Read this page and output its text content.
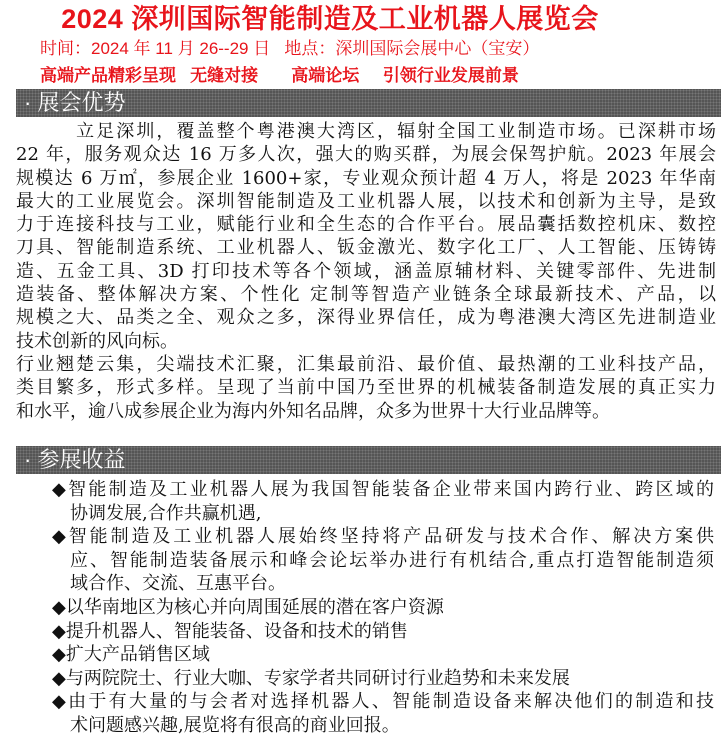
2024 深圳国际智能制造及工业机器人展览会
时间：2024 年 11 月 26--29 日   地点：深圳国际会展中心（宝安）
高端产品精彩呈现   无缝对接       高端论坛     引领行业发展前景
· 展会优势
　　　立足深圳，覆盖整个粤港澳大湾区，辐射全国工业制造市场。已深耕市场
22 年，服务观众达 16 万多人次，强大的购买群，为展会保驾护航。2023 年展会
规模达 6 万㎡，参展企业 1600+家，专业观众预计超 4 万人，将是 2023 年华南
最大的工业展览会。深圳智能制造及工业机器人展，以技术和创新为主导，是致
力于连接科技与工业，赋能行业和全生态的合作平台。展品囊括数控机床、数控
刀具、智能制造系统、工业机器人、钣金激光、数字化工厂、人工智能、压铸铸
造、五金工具、3D 打印技术等各个领域，涵盖原辅材料、关键零部件、先进制
造装备、整体解决方案、个性化 定制等智造产业链条全球最新技术、产品，以
规模之大、品类之全、观众之多，深得业界信任，成为粤港澳大湾区先进制造业
技术创新的风向标。
行业翘楚云集，尖端技术汇聚，汇集最前沿、最价值、最热潮的工业科技产品，
类目繁多，形式多样。呈现了当前中国乃至世界的机械装备制造发展的真正实力
和水平，逾八成参展企业为海内外知名品牌，众多为世界十大行业品牌等。
· 参展收益
◆智能制造及工业机器人展为我国智能装备企业带来国内跨行业、跨区域的
协调发展,合作共赢机遇,
◆智能制造及工业机器人展始终坚持将产品研发与技术合作、解决方案供
应、智能制造装备展示和峰会论坛举办进行有机结合,重点打造智能制造须
域合作、交流、互惠平台。
◆以华南地区为核心并向周围延展的潜在客户资源
◆提升机器人、智能装备、设备和技术的销售
◆扩大产品销售区域
◆与两院院士、行业大咖、专家学者共同研讨行业趋势和未来发展
◆由于有大量的与会者对选择机器人、智能制造设备来解决他们的制造和技
术问题感兴趣,展览将有很高的商业回报。
